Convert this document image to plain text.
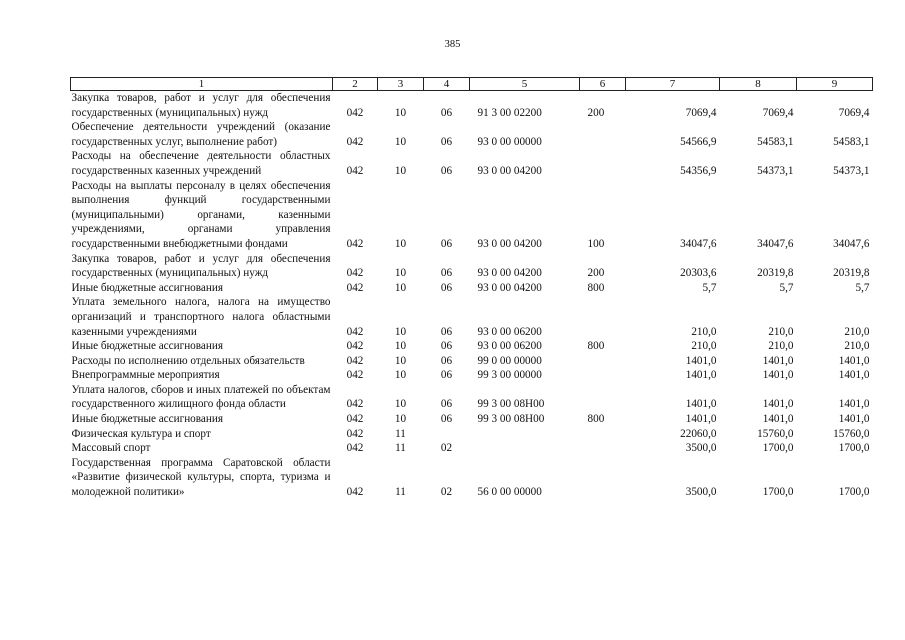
385
1	2	3	4	5	6	7	8	9
Закупка товаров, работ и услуг для обеспечения государственных (муниципальных) нужд	042	10	06	91 3 00 02200	200	7069,4	7069,4	7069,4
Обеспечение деятельности учреждений (оказание государственных услуг, выполнение работ)	042	10	06	93 0 00 00000		54566,9	54583,1	54583,1
Расходы на обеспечение деятельности областных государственных казенных учреждений	042	10	06	93 0 00 04200		54356,9	54373,1	54373,1
Расходы на выплаты персоналу в целях обеспечения выполнения функций государственными (муниципальными) органами, казенными учреждениями, органами управления государственными внебюджетными фондами	042	10	06	93 0 00 04200	100	34047,6	34047,6	34047,6
Закупка товаров, работ и услуг для обеспечения государственных (муниципальных) нужд	042	10	06	93 0 00 04200	200	20303,6	20319,8	20319,8
Иные бюджетные ассигнования	042	10	06	93 0 00 04200	800	5,7	5,7	5,7
Уплата земельного налога, налога на имущество организаций и транспортного налога областными казенными учреждениями	042	10	06	93 0 00 06200		210,0	210,0	210,0
Иные бюджетные ассигнования	042	10	06	93 0 00 06200	800	210,0	210,0	210,0
Расходы по исполнению отдельных обязательств	042	10	06	99 0 00 00000		1401,0	1401,0	1401,0
Внепрограммные мероприятия	042	10	06	99 3 00 00000		1401,0	1401,0	1401,0
Уплата налогов, сборов и иных платежей по объектам государственного жилищного фонда области	042	10	06	99 3 00 08Н00		1401,0	1401,0	1401,0
Иные бюджетные ассигнования	042	10	06	99 3 00 08Н00	800	1401,0	1401,0	1401,0
Физическая культура и спорт	042	11				22060,0	15760,0	15760,0
Массовый спорт	042	11	02			3500,0	1700,0	1700,0
Государственная программа Саратовской области «Развитие физической культуры, спорта, туризма и молодежной политики»	042	11	02	56 0 00 00000		3500,0	1700,0	1700,0
